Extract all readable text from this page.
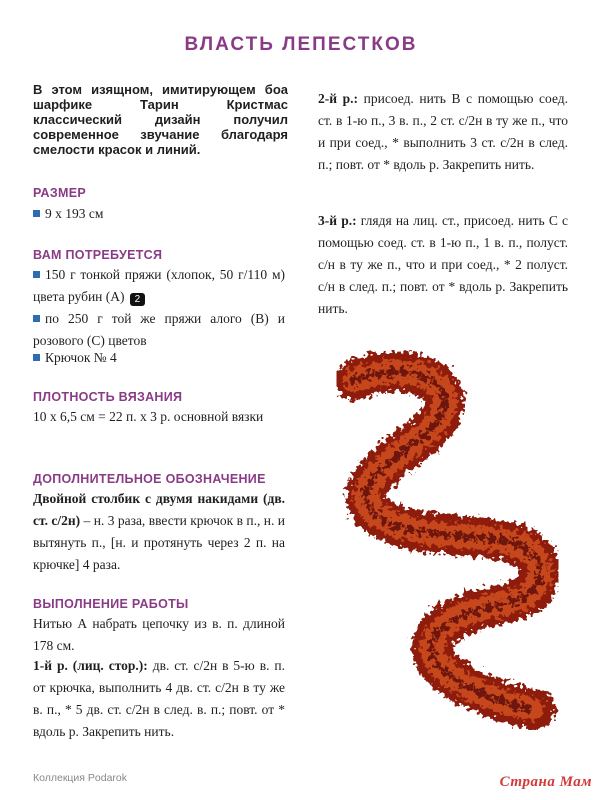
ВЛАСТЬ ЛЕПЕСТКОВ

В этом изящном, имитирующем боа шарфике Тарин Кристмас классический дизайн получил современное звучание благодаря смелости красок и линий.

РАЗМЕР

9 х 193 см

ВАМ ПОТРЕБУЕТСЯ

150 г тонкой пряжи (хлопок, 50 г/110 м) цвета рубин (А) 2

по 250 г той же пряжи алого (В) и розового (С) цветов

Крючок № 4

ПЛОТНОСТЬ ВЯЗАНИЯ

10 х 6,5 см = 22 п. х 3 р. основной вязки

ДОПОЛНИТЕЛЬНОЕ ОБОЗНАЧЕНИЕ

Двойной столбик с двумя накидами (дв. ст. с/2н) – н. 3 раза, ввести крючок в п., н. и вытянуть п., [н. и протянуть через 2 п. на крючке] 4 раза.

ВЫПОЛНЕНИЕ РАБОТЫ

Нитью А набрать цепочку из в. п. длиной 178 см.

1-й р. (лиц. стор.): дв. ст. с/2н в 5-ю в. п. от крючка, выполнить 4 дв. ст. с/2н в ту же в. п., * 5 дв. ст. с/2н в след. в. п.; повт. от * вдоль р. Закрепить нить.

2-й р.: присоед. нить В с помощью соед. ст. в 1-ю п., 3 в. п., 2 ст. с/2н в ту же п., что и при соед., * выполнить 3 ст. с/2н в след. п.; повт. от * вдоль р. Закрепить нить.

3-й р.: глядя на лиц. ст., присоед. нить С с помощью соед. ст. в 1-ю п., 1 в. п., полуст. с/н в ту же п., что и при соед., * 2 полуст. с/н в след. п.; повт. от * вдоль р. Закрепить нить.

Коллекция Podarok	Страна Мам
